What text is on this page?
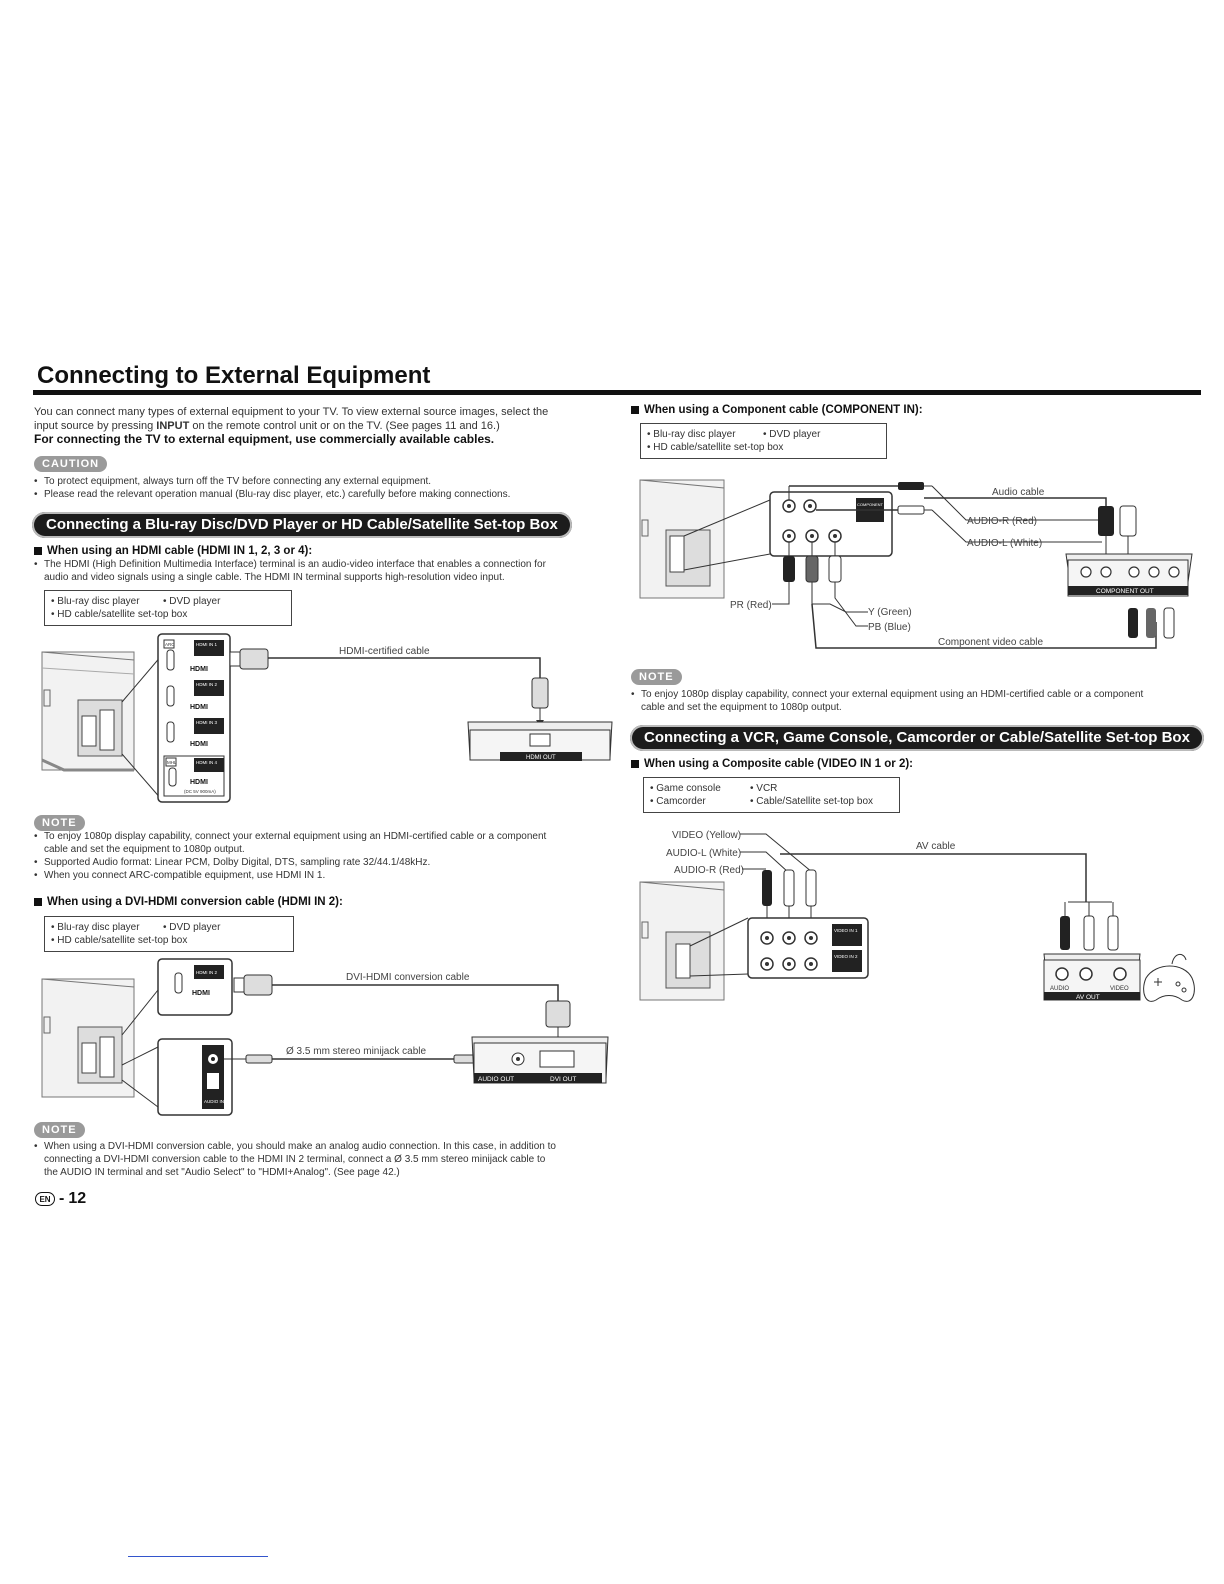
Connecting to External Equipment
You can connect many types of external equipment to your TV. To view external source images, select the
input source by pressing INPUT on the remote control unit or on the TV. (See pages 11 and 16.)
For connecting the TV to external equipment, use commercially available cables.
CAUTION
• To protect equipment, always turn off the TV before connecting any external equipment.
• Please read the relevant operation manual (Blu-ray disc player, etc.) carefully before making connections.
Connecting a Blu-ray Disc/DVD Player or HD Cable/Satellite Set-top Box
When using an HDMI cable (HDMI IN 1, 2, 3 or 4):
• The HDMI (High Definition Multimedia Interface) terminal is an audio-video interface that enables a connection for
audio and video signals using a single cable. The HDMI IN terminal supports high-resolution video input.
• Blu-ray disc player	• DVD player
• HD cable/satellite set-top box
ARC	HDMI IN 1
HDMI
HDMI IN 2
HDMI
HDMI IN 3
HDMI
MHL	HDMI IN 4
HDMI
(DC 5V 900mA)
HDMI-certified cable
HDMI OUT
NOTE
• To enjoy 1080p display capability, connect your external equipment using an HDMI-certified cable or a component
cable and set the equipment to 1080p output.
• Supported Audio format: Linear PCM, Dolby Digital, DTS, sampling rate 32/44.1/48kHz.
• When you connect ARC-compatible equipment, use HDMI IN 1.
When using a DVI-HDMI conversion cable (HDMI IN 2):
• Blu-ray disc player	• DVD player
• HD cable/satellite set-top box
HDMI IN 2
HDMI
AUDIO IN
DVI-HDMI conversion cable
Ø 3.5 mm stereo minijack cable
AUDIO OUT	DVI OUT
NOTE
• When using a DVI-HDMI conversion cable, you should make an analog audio connection. In this case, in addition to
connecting a DVI-HDMI conversion cable to the HDMI IN 2 terminal, connect a Ø 3.5 mm stereo minijack cable to
the AUDIO IN terminal and set "Audio Select" to "HDMI+Analog". (See page 42.)
EN - 12
When using a Component cable (COMPONENT IN):
• Blu-ray disc player	• DVD player
• HD cable/satellite set-top box
COMPONENT
Audio cable
AUDIO-R (Red)
AUDIO-L (White)
PR (Red)
Y (Green)
PB (Blue)
Component video cable
COMPONENT OUT
NOTE
• To enjoy 1080p display capability, connect your external equipment using an HDMI-certified cable or a component
cable and set the equipment to 1080p output.
Connecting a VCR, Game Console, Camcorder or Cable/Satellite Set-top Box
When using a Composite cable (VIDEO IN 1 or 2):
• Game console	• VCR
• Camcorder	• Cable/Satellite set-top box
VIDEO (Yellow)
AUDIO-L (White)
AUDIO-R (Red)
VIDEO IN 1
VIDEO IN 2
AV cable
AUDIO	VIDEO
AV OUT
